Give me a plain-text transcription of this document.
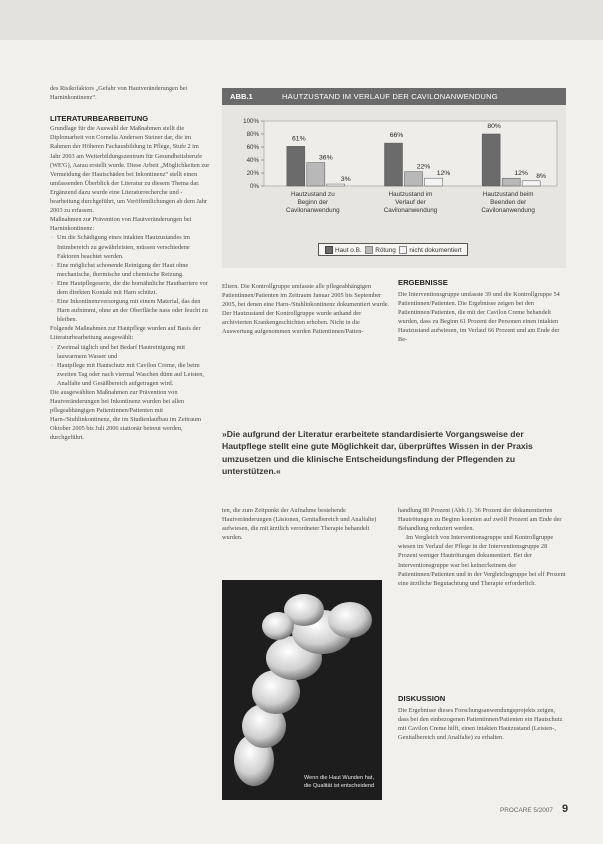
des Risikofaktors „Gefahr von Hautveränderungen bei Harninkontinenz“.

LITERATURBEARBEITUNG

Grundlage für die Auswahl der Maßnahmen stellt die Diplomarbeit von Cornelia Andersen Steiner dar, die im Rahmen der Höheren Fachausbildung in Pflege, Stufe 2 im Jahr 2003 am Weiterbildungszentrum für Gesundheitsberufe (WE'G), Aarau erstellt wurde. Diese Arbeit „Möglichkeiten zur Vermeidung der Hautschäden bei Inkontinenz“ stellt einen umfassenden Überblick der Literatur zu diesem Thema dar. Ergänzend dazu wurde eine Literaturrecherche und -bearbeitung durchgeführt, um Veröffentlichungen ab dem Jahr 2003 zu erfassen.

Maßnahmen zur Prävention von Hautveränderungen bei Harninkontinenz:

· Um die Schädigung eines intakten Hautzustandes im Intimbereich zu gewährleisten, müssen verschiedene Faktoren beachtet werden.
· Eine möglichst schonende Reinigung der Haut ohne mechanische, thermische und chemische Reizung.
· Eine Hautpflegeserie, die die hornähnliche Hautbarriere vor dem direkten Kontakt mit Harn schützt.
· Eine Inkontinenzversorgung mit einem Material, das den Harn aufnimmt, ohne an der Oberfläche nass oder feucht zu bleiben.

Folgende Maßnahmen zur Hautpflege wurden auf Basis der Literaturbearbeitung ausgewählt:

· Zweimal täglich und bei Bedarf Hautreinigung mit lauwarmem Wasser und
· Hautpflege mit Hautschutz mit Cavilon Creme, die beim zweiten Tag oder nach viermal Waschen dünn auf Leisten, Analfalte und Gesäßbereich aufgetragen wird.

Die ausgewählten Maßnahmen zur Prävention von Hautveränderungen bei Inkontinenz wurden bei allen pflegeabhängigen Patientinnen/Patienten mit Harn-/Stuhlinkontinenz, die im Studienlaufbau im Zeitraum Oktober 2005 bis Juli 2006 stationär betreut werden, durchgeführt.

ABB.1	HAUTZUSTAND IM VERLAUF DER CAVILONANWENDUNG
100%
80%
60%
40%
20%
0%
61%
36%
3%
Hautzustand zu
Beginn der
Cavilonanwendung
66%
22%
12%
Hautzustand im
Verlauf der
Cavilonanwendung
80%
12% 8%
Hautzustand beim
Beenden der
Cavilonanwendung
Haut o.B. Rötung nicht dokumentiert

Eltern. Die Kontrollgruppe umfasste alle pflegeabhängigen Patientinnen/Patienten im Zeitraum Januar 2005 bis September 2005, bei denen eine Harn-/Stuhlinkontinenz dokumentiert wurde. Der Hautzustand der Kontrollgruppe wurde anhand der archivierten Krankengeschichten erhoben. Nicht in die Auswertung aufgenommen wurden Patientinnen/Patien-

ERGEBNISSE

Die Interventionsgruppe umfasste 39 und die Kontrollgruppe 54 Patientinnen/Patienten. Die Ergebnisse zeigen bei den Patientinnen/Patienten, die mit der Cavilon Creme behandelt wurden, dass zu Beginn 61 Prozent der Personen einen intakten Hautzustand aufwiesen, im Verlauf 66 Prozent und am Ende der Be-

»Die aufgrund der Literatur erarbeitete standardisierte Vorgangsweise der Hautpflege stellt eine gute Möglichkeit dar, überprüftes Wissen in der Praxis umzusetzen und die klinische Entscheidungsfindung der Pflegenden zu unterstützen.«

ten, die zum Zeitpunkt der Aufnahme bestehende Hautveränderungen (Läsionen, Genitalbereich und Analfalte) aufwiesen, die mit ärztlich verordneter Therapie behandelt wurden.

Wenn die Haut Wunden hat, die Qualität ist entscheidend

handlung 80 Prozent (Abb.1). 36 Prozent der dokumentierten Hautrötungen zu Beginn konnten auf zwölf Prozent am Ende der Behandlung reduziert werden.

Im Vergleich von Interventionsgruppe und Kontrollgruppe wiesen im Verlauf der Pflege in der Interventionsgruppe 28 Prozent weniger Hautrötungen dokumentiert. Bei der Interventionsgruppe war bei keiner/keinem der Patientinnen/Patienten und in der Vergleichsgruppe bei elf Prozent eine ärztliche Begutachtung und Therapie erforderlich.

DISKUSSION

Die Ergebnisse dieses Forschungsanwendungsprojekts zeigen, dass bei den einbezogenen Patientinnen/Patienten ein Hautschutz mit Cavilon Creme hilft, einen intakten Hautzustand (Leisten-, Genitalbereich und Analfalte) zu erhalten.

PROCARE 5/2007 9
